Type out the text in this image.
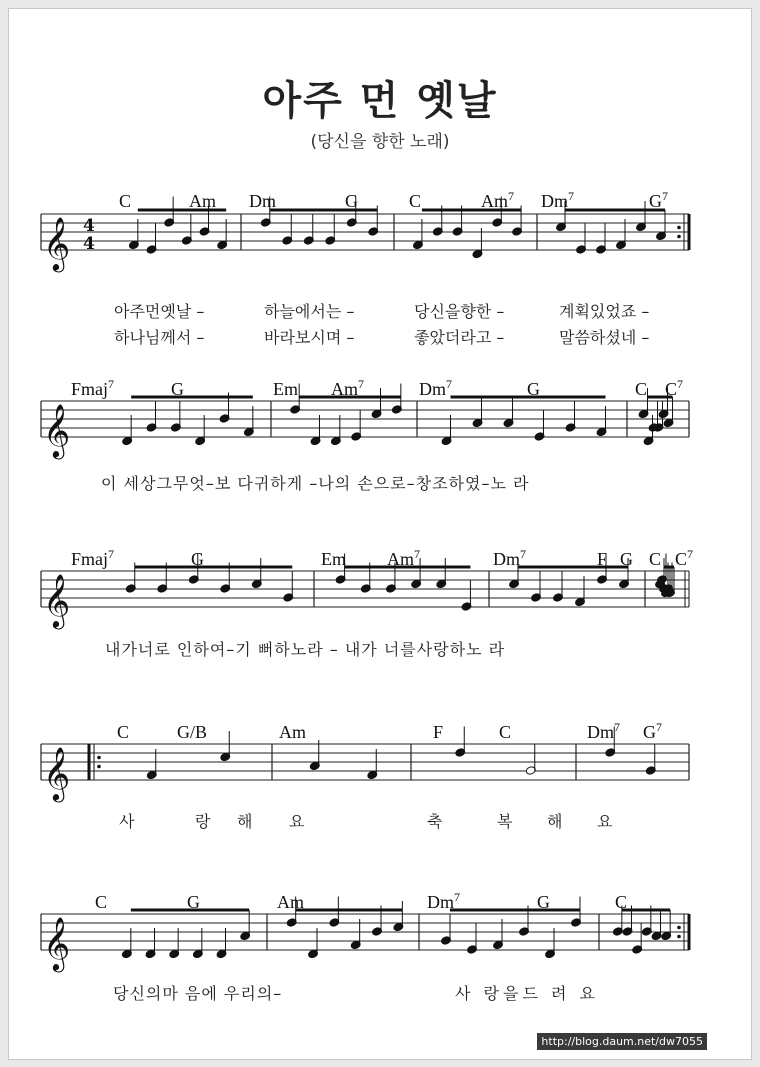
아주 먼 옛날
(당신을 향한 노래)
𝄞 4
4
C	Am Dm	G	C	Am$^7$ Dm$^7$	$G^7$
𝄞
Fmaj$^7$	G	Em Am$^7$	Dm$^7$	G	C $C^7$
𝄞
Fmaj$^7$	G	Em Am$^7$	Dm$^7$	F G C $C^7$
𝄞
C	G/B	Am	F	C	Dm$^7$ $G^7$
𝄞
C	G	Am	Dm$^7$	G	C
아주먼옛날 –	하늘에서는 –	당신을향한 –	계획있었죠 –
하나님께서 –	바라보시며 –	좋았더라고 –	말씀하셨네 –
이 세상그무엇–보 다귀하게 –나의 손으로–창조하였–노 라
내가너로 인하여–기 뻐하노라 – 내가 너를사랑하노 라
사	랑 해 요	축	복 해 요
당신의마 음에 우리의–	사 랑을드 려 요
http://blog.daum.net/dw7055
